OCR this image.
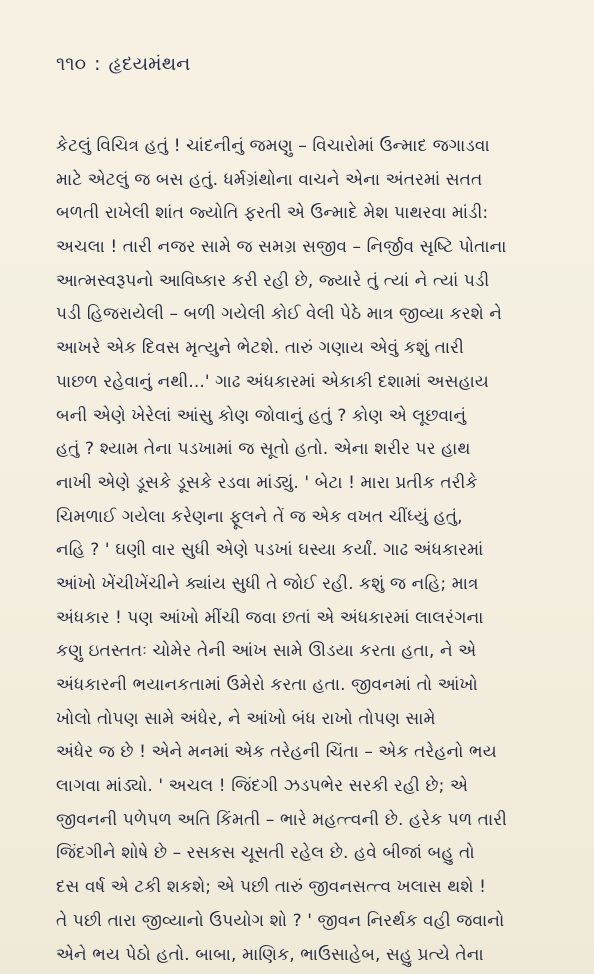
૧૧૦ : હૃદયમંથન
કેટલું વિચિત્ર હતું ! ચાંદનીનું જમણુ – વિચારોમાં ઉન્માદ જગાડવા
માટે એટલું જ બસ હતું. ધર્મગ્રંથોના વાચને એના અંતરમાં સતત
બળતી રાખેલી શાંત જ્યોતિ ફરતી એ ઉન્માદે મેશ પાથરવા માંડી:
અચલા ! તારી નજર સામે જ સમગ્ર સજીવ – નિર્જીવ સૃષ્ટિ પોતાના
આત્મસ્વરૂપનો આવિષ્કાર કરી રહી છે, જ્યારે તું ત્યાં ને ત્યાં પડી
પડી હિજરાયેલી – બળી ગયેલી કોઈ વેલી પેઠે માત્ર જીવ્યા કરશે ને
આખરે એક દિવસ મૃત્યુને ભેટશે. તારું ગણાય એવું કશું તારી
પાછળ રહેવાનું નથી...' ગાઢ અંધકારમાં એકાકી દશામાં અસહાય
બની એણે ખેરેલાં આંસુ કોણ જોવાનું હતું ? કોણ એ લૂછવાનું
હતું ? શ્યામ તેના પડખામાં જ સૂતો હતો. એના શરીર પર હાથ
નાખી એણે ડૂસકે ડૂસકે રડવા માંડ્યું. ' બેટા ! મારા પ્રતીક તરીકે
ચિમળાઈ ગયેલા કરેણના ફૂલને તેં જ એક વખત ચીંધ્યું હતું,
નહિ ? ' ઘણી વાર સુધી એણે પડખાં ઘસ્યા કર્યાં. ગાઢ અંધકારમાં
આંખો ખેંચીખેંચીને ક્યાંય સુધી તે જોઈ રહી. કશું જ નહિ; માત્ર
અંધકાર ! પણ આંખો મીંચી જવા છતાં એ અંધકારમાં લાલરંગના
કણુ ઇતસ્તતઃ ચોમેર તેની આંખ સામે ઊડયા કરતા હતા, ને એ
અંધકારની ભયાનકતામાં ઉમેરો કરતા હતા. જીવનમાં તો આંખો
ખોલો તોપણ સામે અંધેર, ને આંખો બંધ રાખો તોપણ સામે
અંધેર જ છે ! એને મનમાં એક તરેહની ચિંતા – એક તરેહનો ભય
લાગવા માંડ્યો. ' અચલ ! જિંદગી ઝડપભેર સરકી રહી છે; એ
જીવનની પળેપળ અતિ કિંમતી – ભારે મહત્ત્વની છે. હરેક પળ તારી
જિંદગીને શોષે છે – રસકસ ચૂસતી રહેલ છે. હવે બીજાં બહુ તો
દસ વર્ષ એ ટકી શકશે; એ પછી તારું જીવનસત્ત્વ ખલાસ થશે !
તે પછી તારા જીવ્યાનો ઉપયોગ શો ? ' જીવન નિરર્થક વહી જવાનો
એને ભય પેઠો હતો. બાબા, માણિક, ભાઉસાહેબ, સહુ પ્રત્યે તેના
